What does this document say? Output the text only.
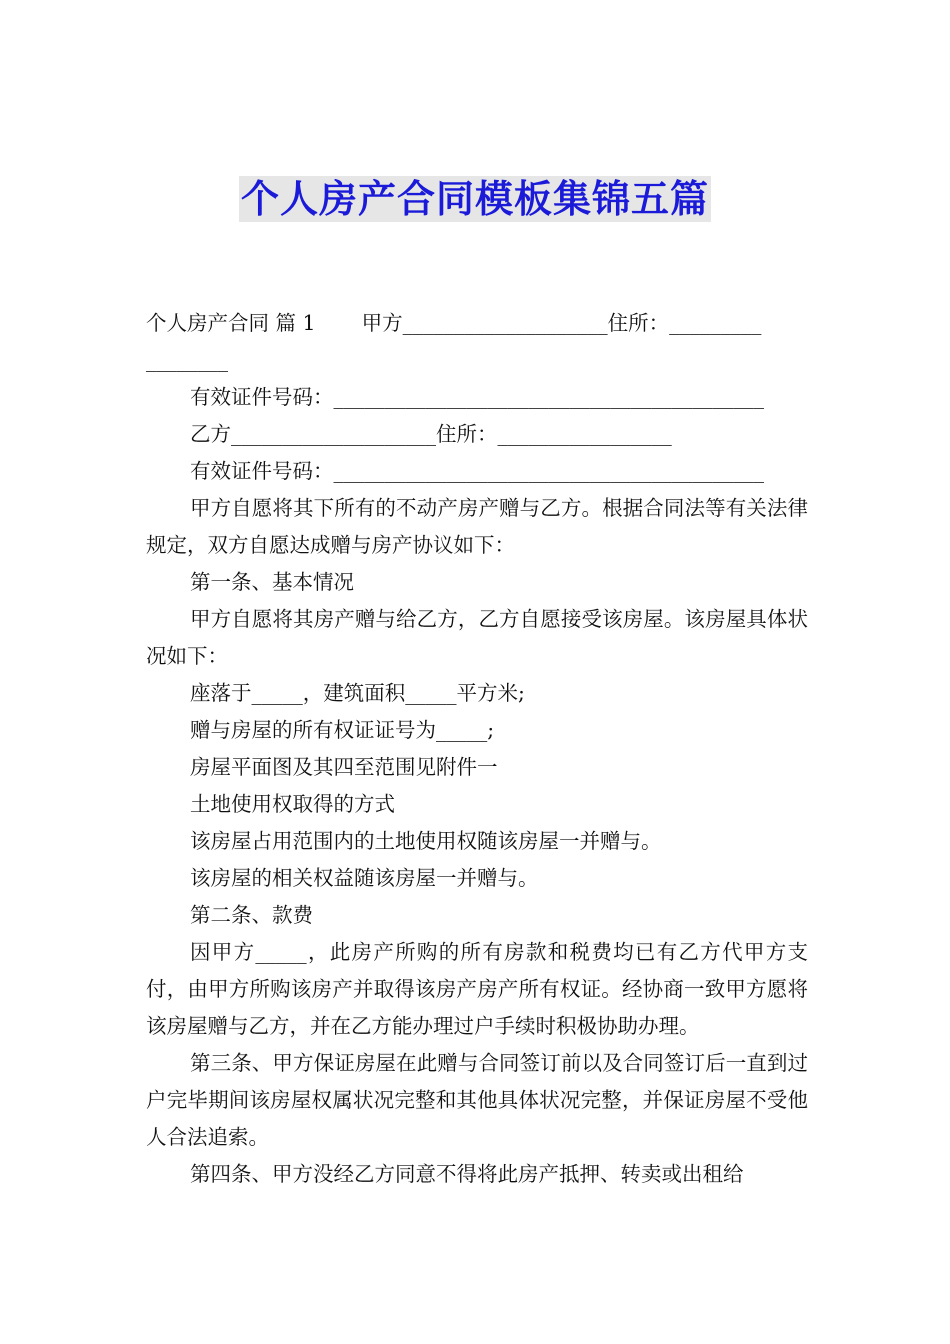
个人房产合同模板集锦五篇

个人房产合同 篇 1 甲方____________________住所：_________

________

有效证件号码：__________________________________________

乙方____________________住所：_________________

有效证件号码：__________________________________________

甲方自愿将其下所有的不动产房产赠与乙方。根据合同法等有关法律规定，双方自愿达成赠与房产协议如下：

第一条、基本情况

甲方自愿将其房产赠与给乙方，乙方自愿接受该房屋。该房屋具体状况如下：

座落于_____，建筑面积_____平方米;

赠与房屋的所有权证证号为_____;

房屋平面图及其四至范围见附件一

土地使用权取得的方式

该房屋占用范围内的土地使用权随该房屋一并赠与。

该房屋的相关权益随该房屋一并赠与。

第二条、款费

因甲方_____，此房产所购的所有房款和税费均已有乙方代甲方支付，由甲方所购该房产并取得该房产房产所有权证。经协商一致甲方愿将该房屋赠与乙方，并在乙方能办理过户手续时积极协助办理。

第三条、甲方保证房屋在此赠与合同签订前以及合同签订后一直到过户完毕期间该房屋权属状况完整和其他具体状况完整，并保证房屋不受他人合法追索。

第四条、甲方没经乙方同意不得将此房产抵押、转卖或出租给
